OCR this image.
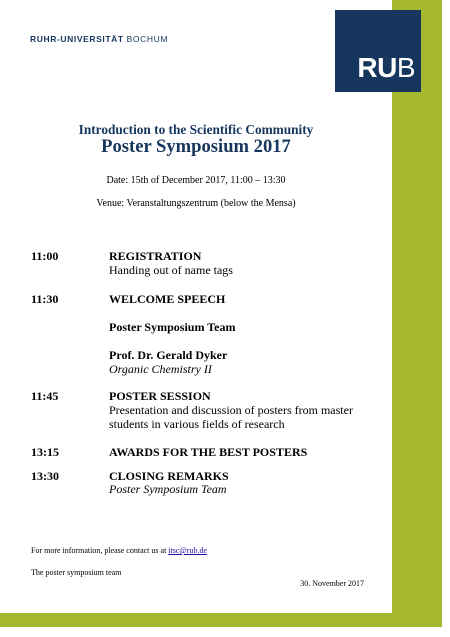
RUHR-UNIVERSITÄT BOCHUM
RUB
Introduction to the Scientific Community
Poster Symposium 2017
Date: 15th of December 2017, 11:00 – 13:30
Venue: Veranstaltungszentrum (below the Mensa)
11:00	REGISTRATION
Handing out of name tags
11:30	WELCOME SPEECH
Poster Symposium Team
Prof. Dr. Gerald Dyker
Organic Chemistry II
11:45	POSTER SESSION
Presentation and discussion of posters from master
students in various fields of research
13:15	AWARDS FOR THE BEST POSTERS
13:30	CLOSING REMARKS
Poster Symposium Team
For more information, please contact us at itsc@rub.de
The poster symposium team
30. November 2017
